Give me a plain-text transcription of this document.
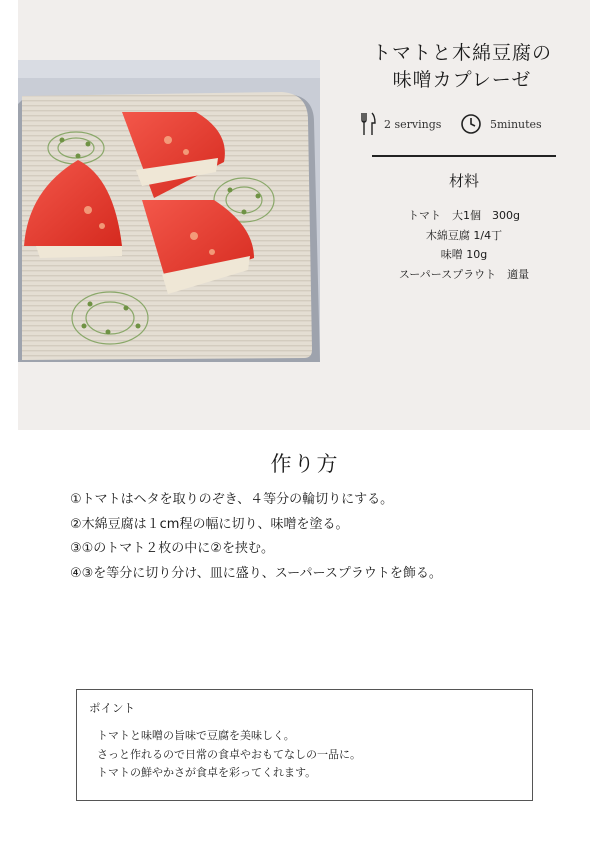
トマトと木綿豆腐の
味噌カプレーゼ
2 servings	5minutes
材料
トマト　大1個　300g
木綿豆腐 1/4丁
味噌 10g
スーパースプラウト　適量
作り方
①トマトはヘタを取りのぞき、４等分の輪切りにする。
②木綿豆腐は１cm程の幅に切り、味噌を塗る。
③①のトマト２枚の中に②を挟む。
④③を等分に切り分け、皿に盛り、スーパースプラウトを飾る。
ポイント
トマトと味噌の旨味で豆腐を美味しく。
さっと作れるので日常の食卓やおもてなしの一品に。
トマトの鮮やかさが食卓を彩ってくれます。
